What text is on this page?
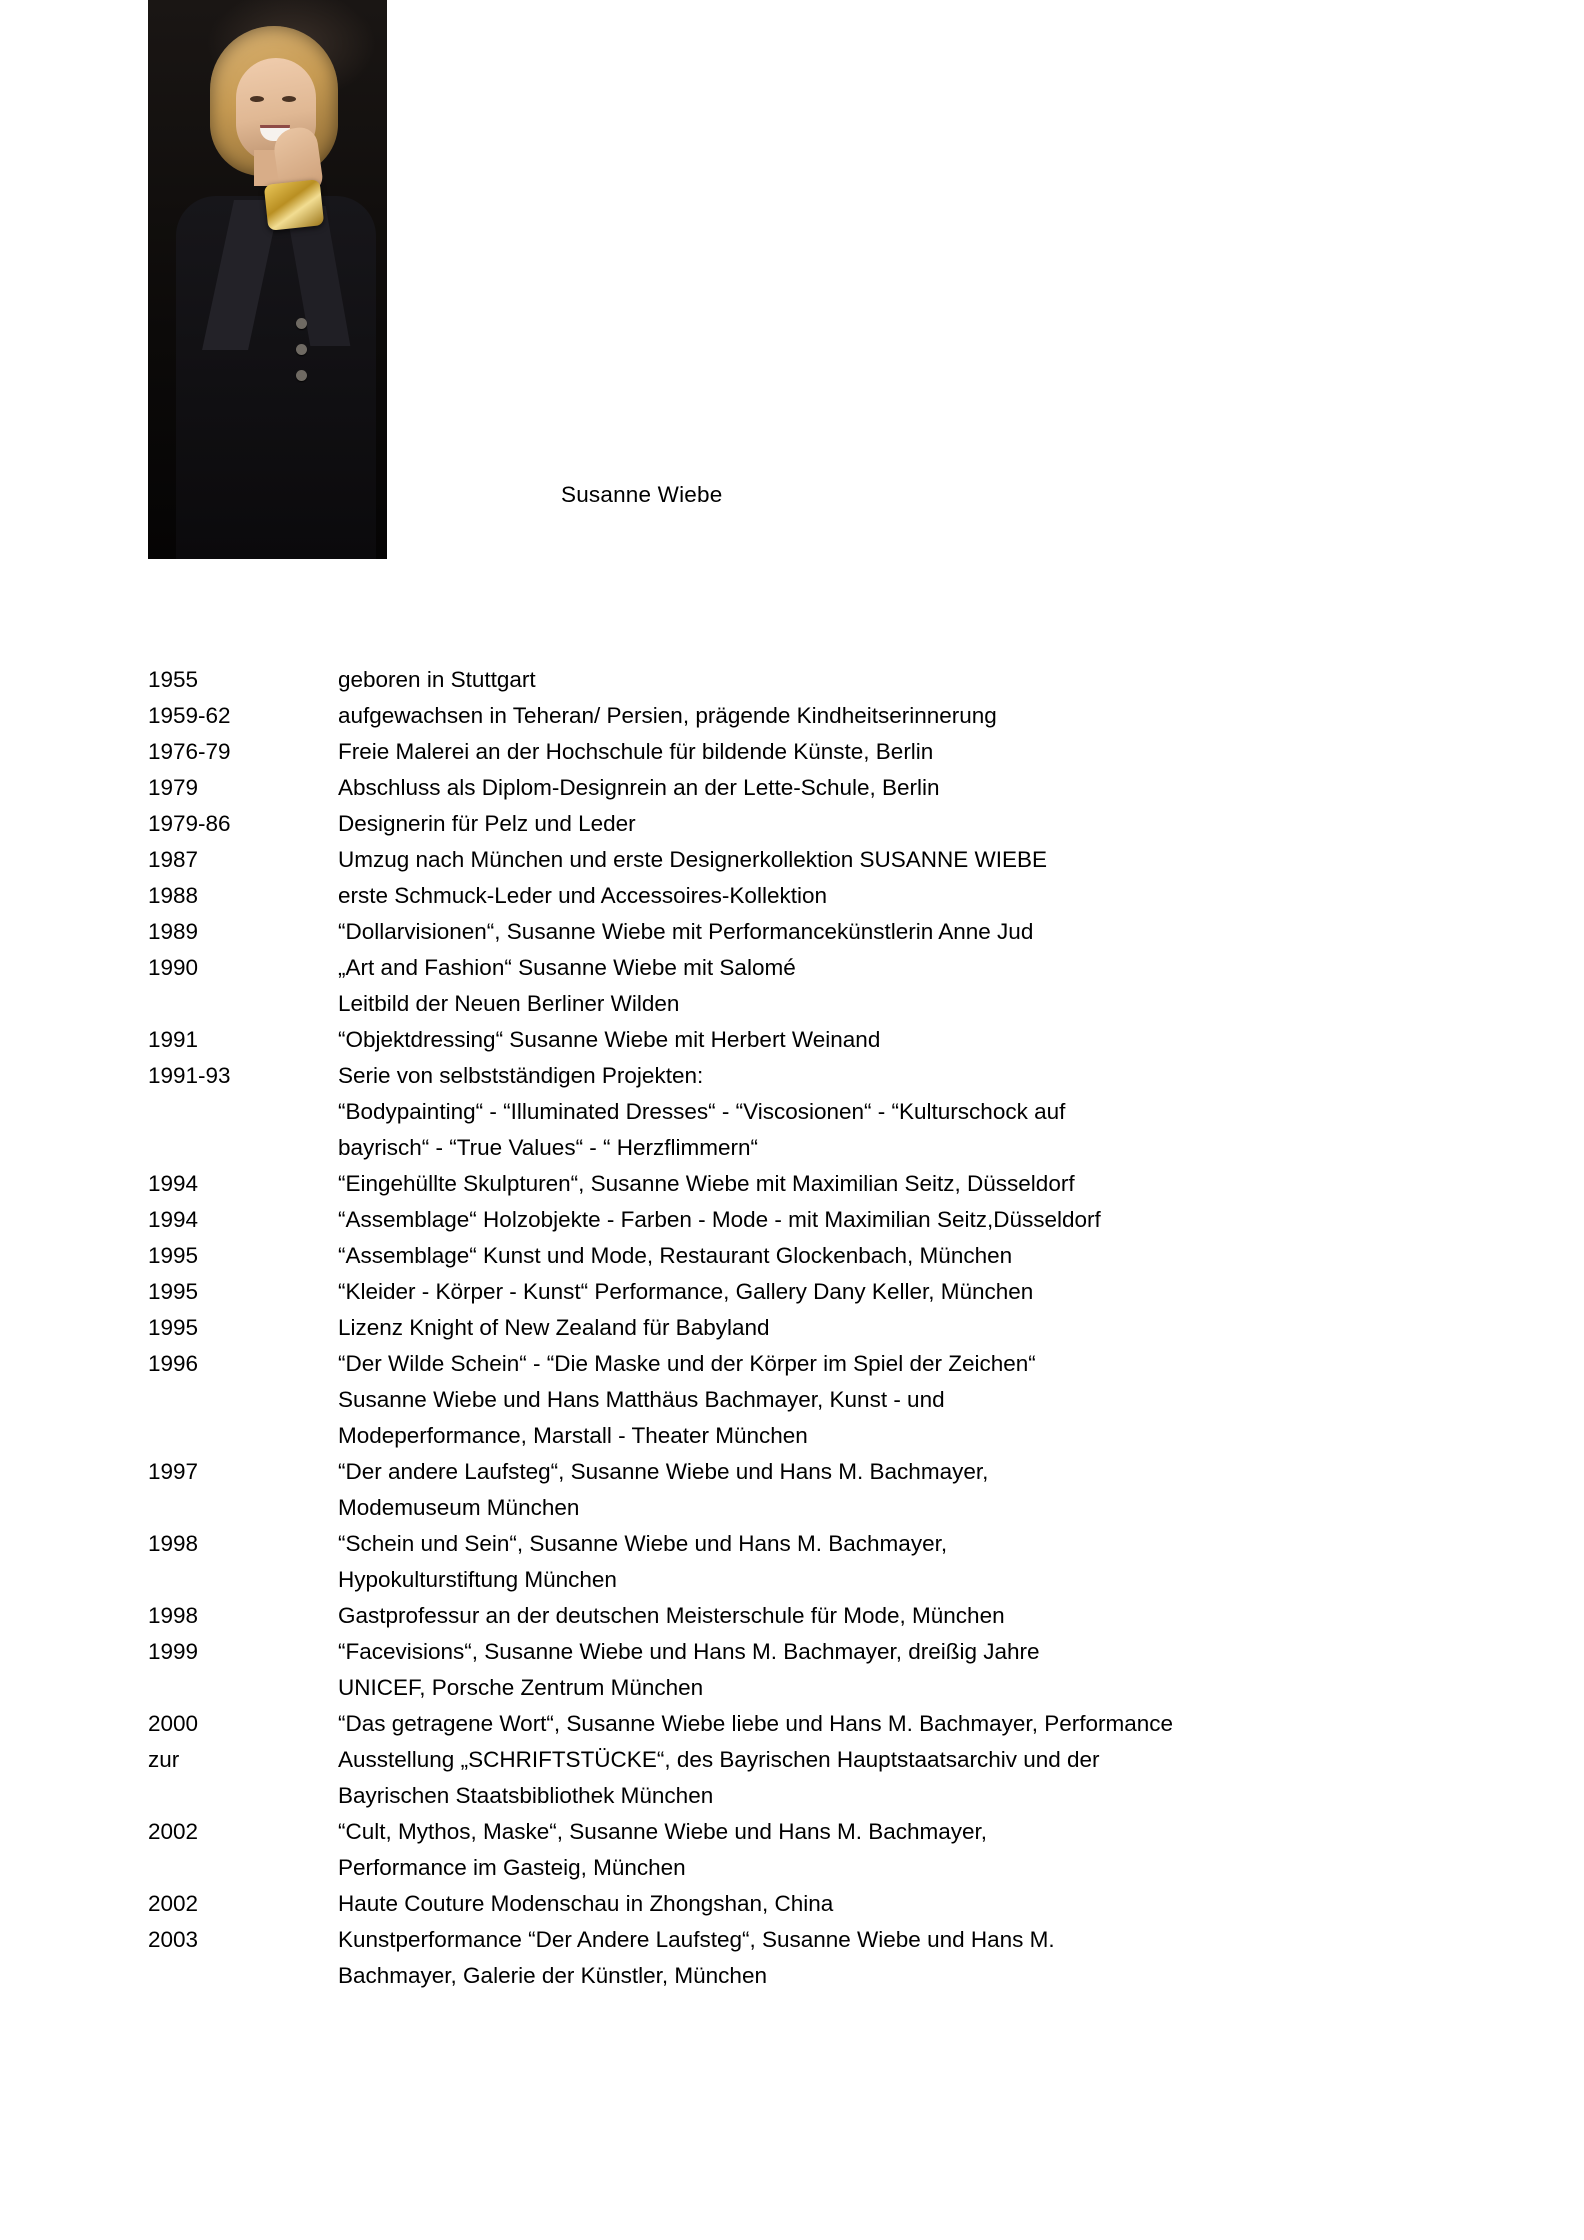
Susanne Wiebe
1955	geboren in Stuttgart
1959-62	aufgewachsen in Teheran/ Persien, prägende Kindheitserinnerung
1976-79	Freie Malerei an der Hochschule für bildende Künste, Berlin
1979	Abschluss als Diplom-Designrein an der Lette-Schule, Berlin
1979-86	Designerin für Pelz und Leder
1987	Umzug nach München und erste Designerkollektion SUSANNE WIEBE
1988	erste Schmuck-Leder und Accessoires-Kollektion
1989	“Dollarvisionen“, Susanne Wiebe mit Performancekünstlerin Anne Jud
1990	„Art and Fashion“ Susanne Wiebe mit Salomé
Leitbild der Neuen Berliner Wilden
1991	“Objektdressing“ Susanne Wiebe mit Herbert Weinand
1991-93	Serie von selbstständigen Projekten:
“Bodypainting“ - “Illuminated Dresses“ - “Viscosionen“ - “Kulturschock auf
bayrisch“ - “True Values“ - “ Herzflimmern“
1994	“Eingehüllte Skulpturen“, Susanne Wiebe mit Maximilian Seitz, Düsseldorf
1994	“Assemblage“ Holzobjekte - Farben - Mode - mit Maximilian Seitz,Düsseldorf
1995	“Assemblage“ Kunst und Mode, Restaurant Glockenbach, München
1995	“Kleider - Körper - Kunst“ Performance, Gallery Dany Keller, München
1995	Lizenz Knight of New Zealand für Babyland
1996	“Der Wilde Schein“ - “Die Maske und der Körper im Spiel der Zeichen“
Susanne Wiebe und Hans Matthäus Bachmayer, Kunst - und
Modeperformance, Marstall - Theater München
1997	“Der andere Laufsteg“, Susanne Wiebe und Hans M. Bachmayer,
Modemuseum München
1998	“Schein und Sein“, Susanne Wiebe und Hans M. Bachmayer,
Hypokulturstiftung München
1998	Gastprofessur an der deutschen Meisterschule für Mode, München
1999	“Facevisions“, Susanne Wiebe und Hans M. Bachmayer, dreißig Jahre
UNICEF, Porsche Zentrum München
2000	“Das getragene Wort“, Susanne Wiebe liebe und Hans M. Bachmayer, Performance
zur	Ausstellung „SCHRIFTSTÜCKE“, des Bayrischen Hauptstaatsarchiv und der
Bayrischen Staatsbibliothek München
2002	“Cult, Mythos, Maske“, Susanne Wiebe und Hans M. Bachmayer,
Performance im Gasteig, München
2002	Haute Couture Modenschau in Zhongshan, China
2003	Kunstperformance “Der Andere Laufsteg“, Susanne Wiebe und Hans M.
Bachmayer, Galerie der Künstler, München
